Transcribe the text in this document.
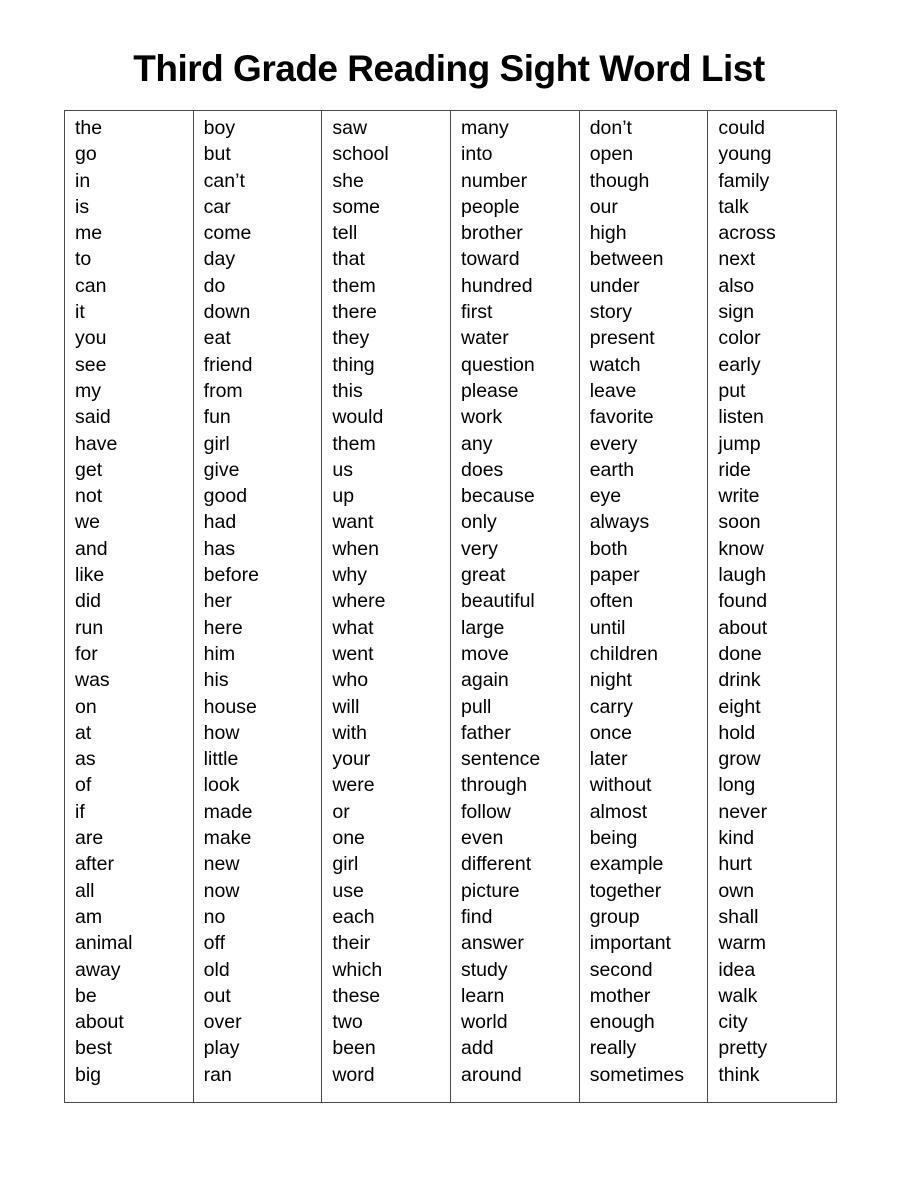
Third Grade Reading Sight Word List
the
go
in
is
me
to
can
it
you
see
my
said
have
get
not
we
and
like
did
run
for
was
on
at
as
of
if
are
after
all
am
animal
away
be
about
best
big
boy
but
can’t
car
come
day
do
down
eat
friend
from
fun
girl
give
good
had
has
before
her
here
him
his
house
how
little
look
made
make
new
now
no
off
old
out
over
play
ran
saw
school
she
some
tell
that
them
there
they
thing
this
would
them
us
up
want
when
why
where
what
went
who
will
with
your
were
or
one
girl
use
each
their
which
these
two
been
word
many
into
number
people
brother
toward
hundred
first
water
question
please
work
any
does
because
only
very
great
beautiful
large
move
again
pull
father
sentence
through
follow
even
different
picture
find
answer
study
learn
world
add
around
don’t
open
though
our
high
between
under
story
present
watch
leave
favorite
every
earth
eye
always
both
paper
often
until
children
night
carry
once
later
without
almost
being
example
together
group
important
second
mother
enough
really
sometimes
could
young
family
talk
across
next
also
sign
color
early
put
listen
jump
ride
write
soon
know
laugh
found
about
done
drink
eight
hold
grow
long
never
kind
hurt
own
shall
warm
idea
walk
city
pretty
think
